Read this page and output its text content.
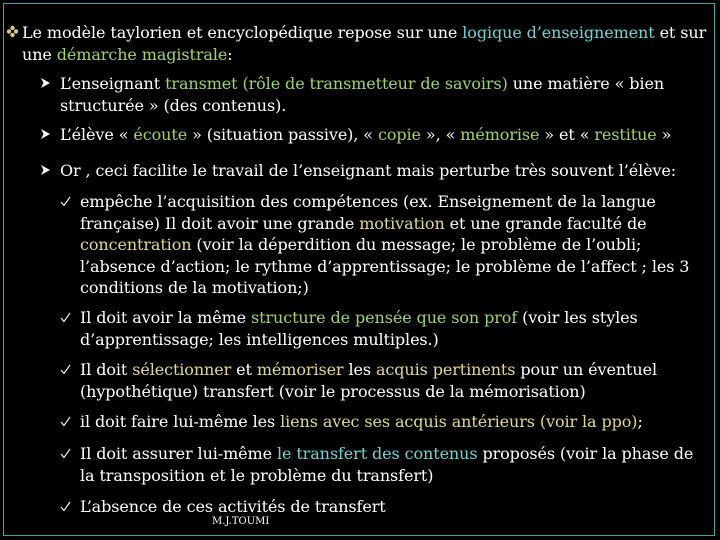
Le modèle taylorien et encyclopédique repose sur une logique d’enseignement et sur une démarche magistrale:
L’enseignant transmet (rôle de transmetteur de savoirs) une matière « bien structurée » (des contenus).
L’élève « écoute » (situation passive), « copie », « mémorise » et « restitue »
Or , ceci facilite le travail de l’enseignant mais perturbe très souvent l’élève:
empêche l’acquisition des compétences (ex. Enseignement de la langue française) Il doit avoir une grande motivation et une grande faculté de concentration (voir la déperdition du message; le problème de l’oubli; l’absence d’action; le rythme d’apprentissage; le problème de l’affect ; les 3 conditions de la motivation;)
Il doit avoir la même structure de pensée que son prof (voir les styles d’apprentissage; les intelligences multiples.)
Il doit sélectionner et mémoriser les acquis pertinents pour un éventuel (hypothétique) transfert (voir le processus de la mémorisation)
il doit faire lui-même les liens avec ses acquis antérieurs (voir la ppo);
Il doit assurer lui-même le transfert des contenus proposés (voir la phase de la transposition et le problème du transfert)
L’absence de ces activités de transfert
M.J.TOUMI
